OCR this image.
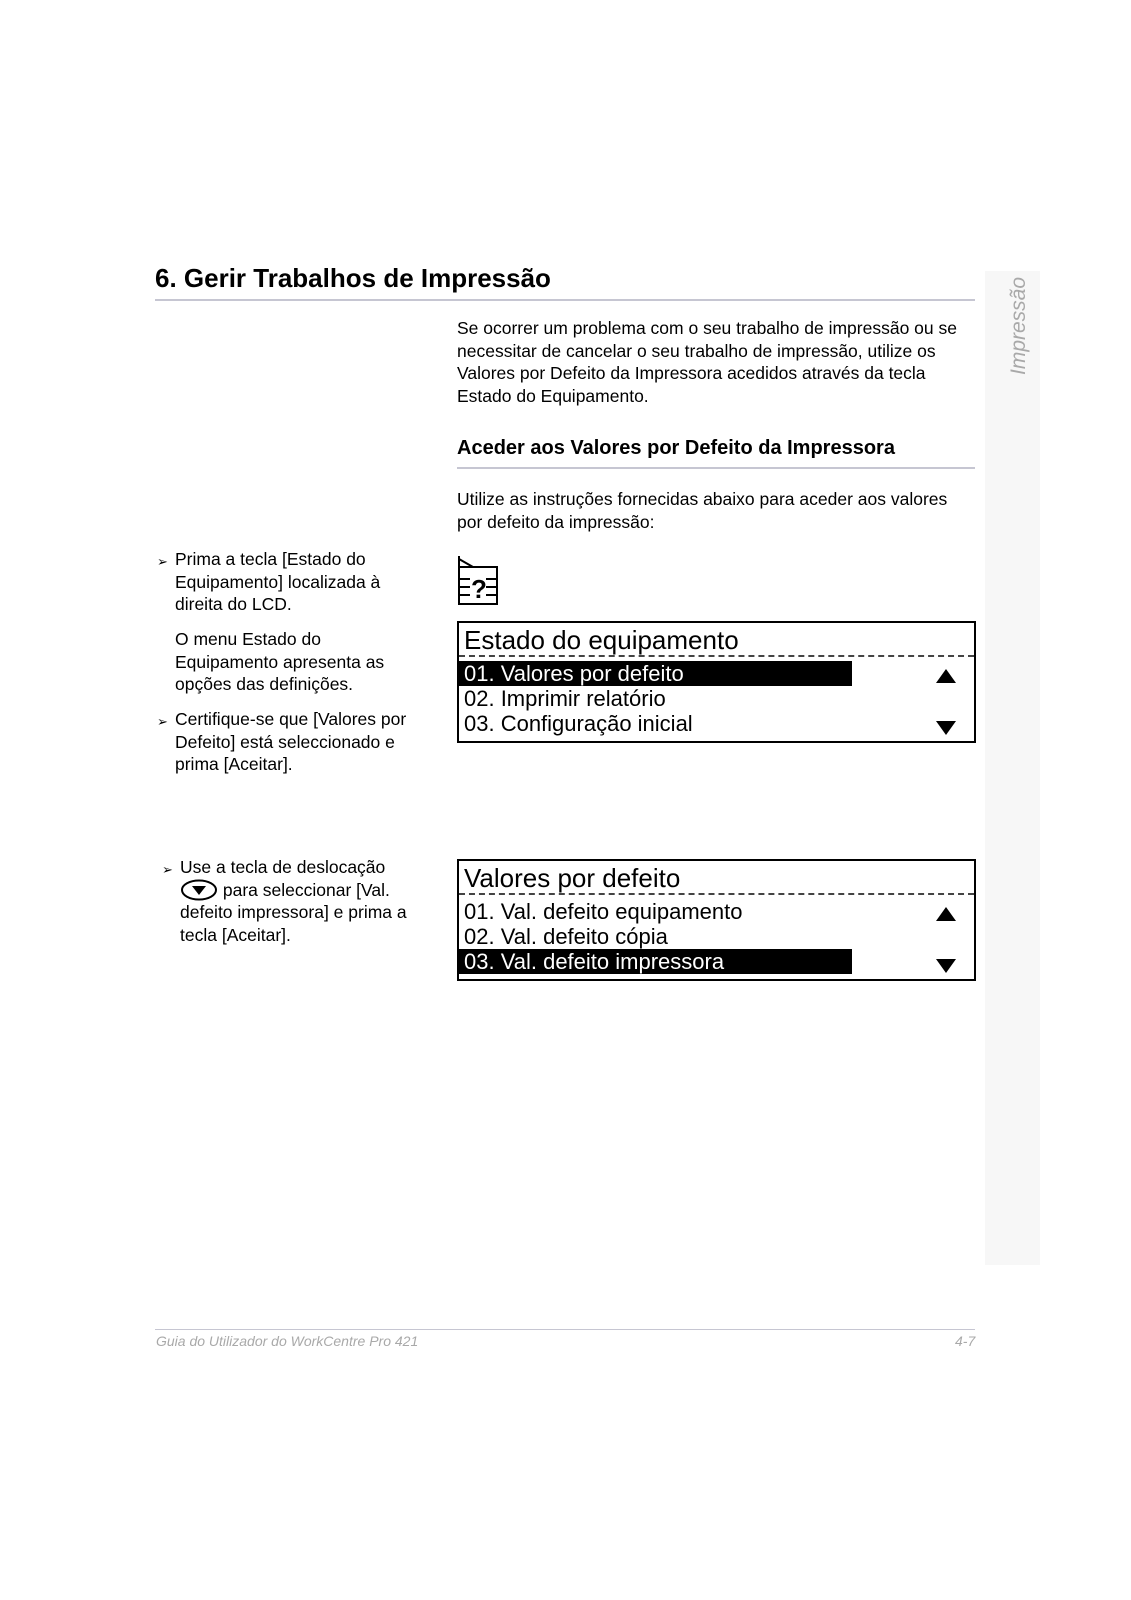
Impressão
6. Gerir Trabalhos de Impressão
Se ocorrer um problema com o seu trabalho de impressão ou se necessitar de cancelar o seu trabalho de impressão, utilize os Valores por Defeito da Impressora acedidos através da tecla Estado do Equipamento.
Aceder aos Valores por Defeito da Impressora
Utilize as instruções fornecidas abaixo para aceder aos valores por defeito da impressão:
➢ Prima a tecla [Estado do Equipamento] localizada à direita do LCD.
O menu Estado do Equipamento apresenta as opções das definições.
➢ Certifique-se que [Valores por Defeito] está seleccionado e prima [Aceitar].
?
Estado do equipamento
01. Valores por defeito
02. Imprimir relatório
03. Configuração inicial
➢ Use a tecla de deslocação
para seleccionar [Val. defeito impressora] e prima a tecla [Aceitar].
Valores por defeito
01. Val. defeito equipamento
02. Val. defeito cópia
03. Val. defeito impressora
Guia do Utilizador do WorkCentre Pro 421	4-7
